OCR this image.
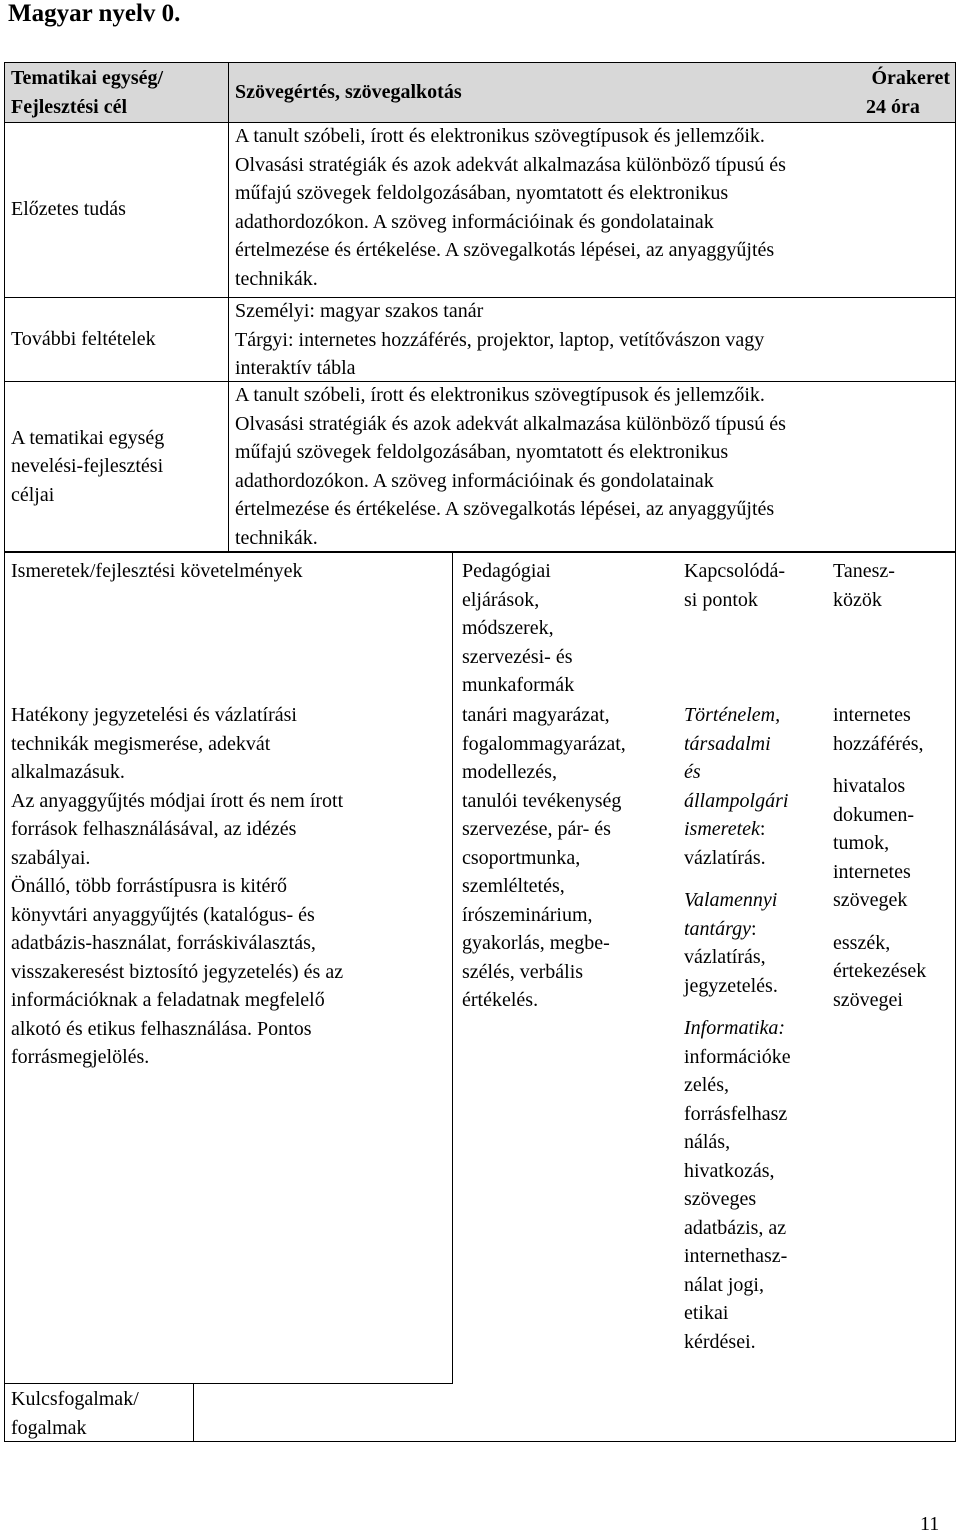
Magyar nyelv 0.
Tematikai egység/
Fejlesztési cél
Szövegértés, szövegalkotás
Órakeret
24 óra
Előzetes tudás
A tanult szóbeli, írott és elektronikus szövegtípusok és jellemzőik.
Olvasási stratégiák és azok adekvát alkalmazása különböző típusú és
műfajú szövegek feldolgozásában, nyomtatott és elektronikus
adathordozókon. A szöveg információinak és gondolatainak
értelmezése és értékelése. A szövegalkotás lépései, az anyaggyűjtés
technikák.
További feltételek
Személyi: magyar szakos tanár
Tárgyi: internetes hozzáférés, projektor, laptop, vetítővászon vagy
interaktív tábla
A tematikai egység
nevelési-fejlesztési
céljai
A tanult szóbeli, írott és elektronikus szövegtípusok és jellemzőik.
Olvasási stratégiák és azok adekvát alkalmazása különböző típusú és
műfajú szövegek feldolgozásában, nyomtatott és elektronikus
adathordozókon. A szöveg információinak és gondolatainak
értelmezése és értékelése. A szövegalkotás lépései, az anyaggyűjtés
technikák.
Ismeretek/fejlesztési követelmények	Pedagógiai
eljárások,
módszerek,
szervezési- és
munkaformák
Kapcsolódá-
si pontok
Tanesz-
közök
Hatékony jegyzetelési és vázlatírási
technikák megismerése, adekvát
alkalmazásuk.
Az anyaggyűjtés módjai írott és nem írott
források felhasználásával, az idézés
szabályai.
Önálló, több forrástípusra is kitérő
könyvtári anyaggyűjtés (katalógus- és
adatbázis-használat, forráskiválasztás,
visszakeresést biztosító jegyzetelés) és az
információknak a feladatnak megfelelő
alkotó és etikus felhasználása. Pontos
forrásmegjelölés.
tanári magyarázat,
fogalommagyarázat,
modellezés,
tanulói tevékenység
szervezése, pár- és
csoportmunka,
szemléltetés,
írószeminárium,
gyakorlás, megbe-
szélés, verbális
értékelés.
Történelem,
társadalmi
és
állampolgári
ismeretek:
vázlatírás.
Valamennyi
tantárgy:
vázlatírás,
jegyzetelés.
Informatika:
információke
zelés,
forrásfelhasz
nálás,
hivatkozás,
szöveges
adatbázis, az
internethasz-
nálat jogi,
etikai
kérdései.
internetes
hozzáférés,
hivatalos
dokumen-
tumok,
internetes
szövegek
esszék,
értekezések
szövegei
Kulcsfogalmak/
fogalmak
11
